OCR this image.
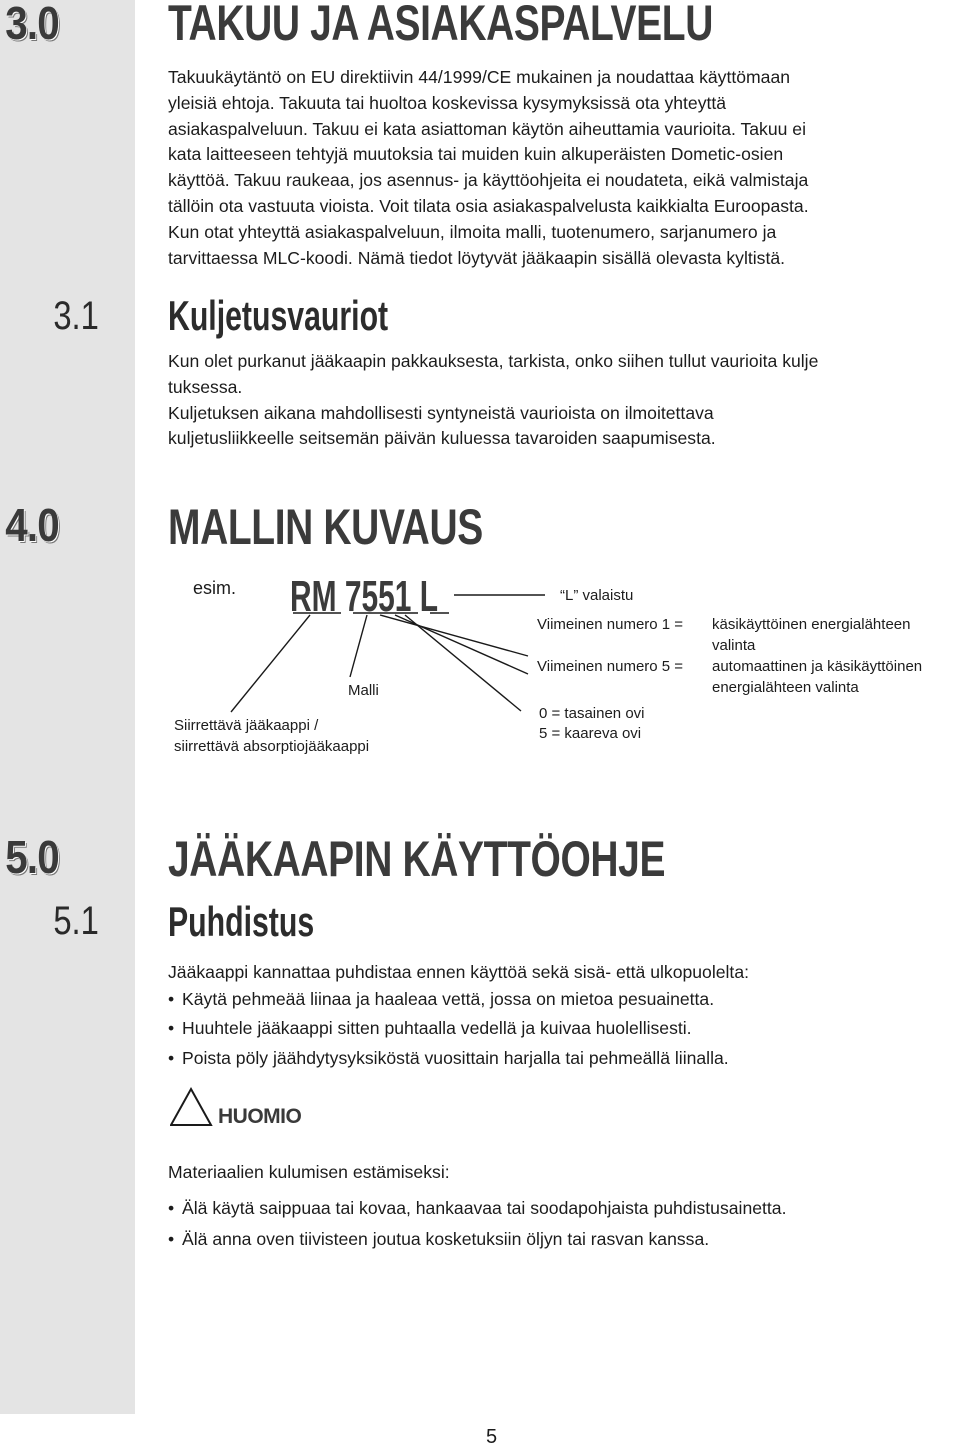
3.0	TAKUU JA ASIAKASPALVELU

Takuukäytäntö on EU direktiivin 44/1999/CE mukainen ja noudattaa käyttömaan

yleisiä ehtoja. Takuuta tai huoltoa koskevissa kysymyksissä ota yhteyttä

asiakaspalveluun. Takuu ei kata asiattoman käytön aiheuttamia vaurioita. Takuu ei

kata laitteeseen tehtyjä muutoksia tai muiden kuin alkuperäisten Dometic-osien

käyttöä. Takuu raukeaa, jos asennus- ja käyttöohjeita ei noudateta, eikä valmistaja

tällöin ota vastuuta vioista. Voit tilata osia asiakaspalvelusta kaikkialta Euroopasta.

Kun otat yhteyttä asiakaspalveluun, ilmoita malli, tuotenumero, sarjanumero ja

tarvittaessa MLC-koodi. Nämä tiedot löytyvät jääkaapin sisällä olevasta kyltistä.

3.1	Kuljetusvauriot

Kun olet purkanut jääkaapin pakkauksesta, tarkista, onko siihen tullut vaurioita kulje

tuksessa.

Kuljetuksen aikana mahdollisesti syntyneistä vaurioista on ilmoitettava

kuljetusliikkeelle seitsemän päivän kuluessa tavaroiden saapumisesta.

4.0	MALLIN KUVAUS
esim. RM 7551 L	“L” valaistu
Viimeinen numero 1 = käsikäyttöinen energialähteen
valinta
Viimeinen numero 5 = automaattinen ja käsikäyttöinen
energialähteen valinta
0 = tasainen ovi
5 = kaareva ovi
Malli
Siirrettävä jääkaappi /
siirrettävä absorptiojääkaappi
5.0	JÄÄKAAPIN KÄYTTÖOHJE
5.1	Puhdistus
Jääkaappi kannattaa puhdistaa ennen käyttöä sekä sisä- että ulkopuolelta:
• Käytä pehmeää liinaa ja haaleaa vettä, jossa on mietoa pesuainetta.
• Huuhtele jääkaappi sitten puhtaalla vedellä ja kuivaa huolellisesti.
• Poista pöly jäähdytysyksiköstä vuosittain harjalla tai pehmeällä liinalla.
HUOMIO
Materiaalien kulumisen estämiseksi:
• Älä käytä saippuaa tai kovaa, hankaavaa tai soodapohjaista puhdistusainetta.
• Älä anna oven tiivisteen joutua kosketuksiin öljyn tai rasvan kanssa.
5
